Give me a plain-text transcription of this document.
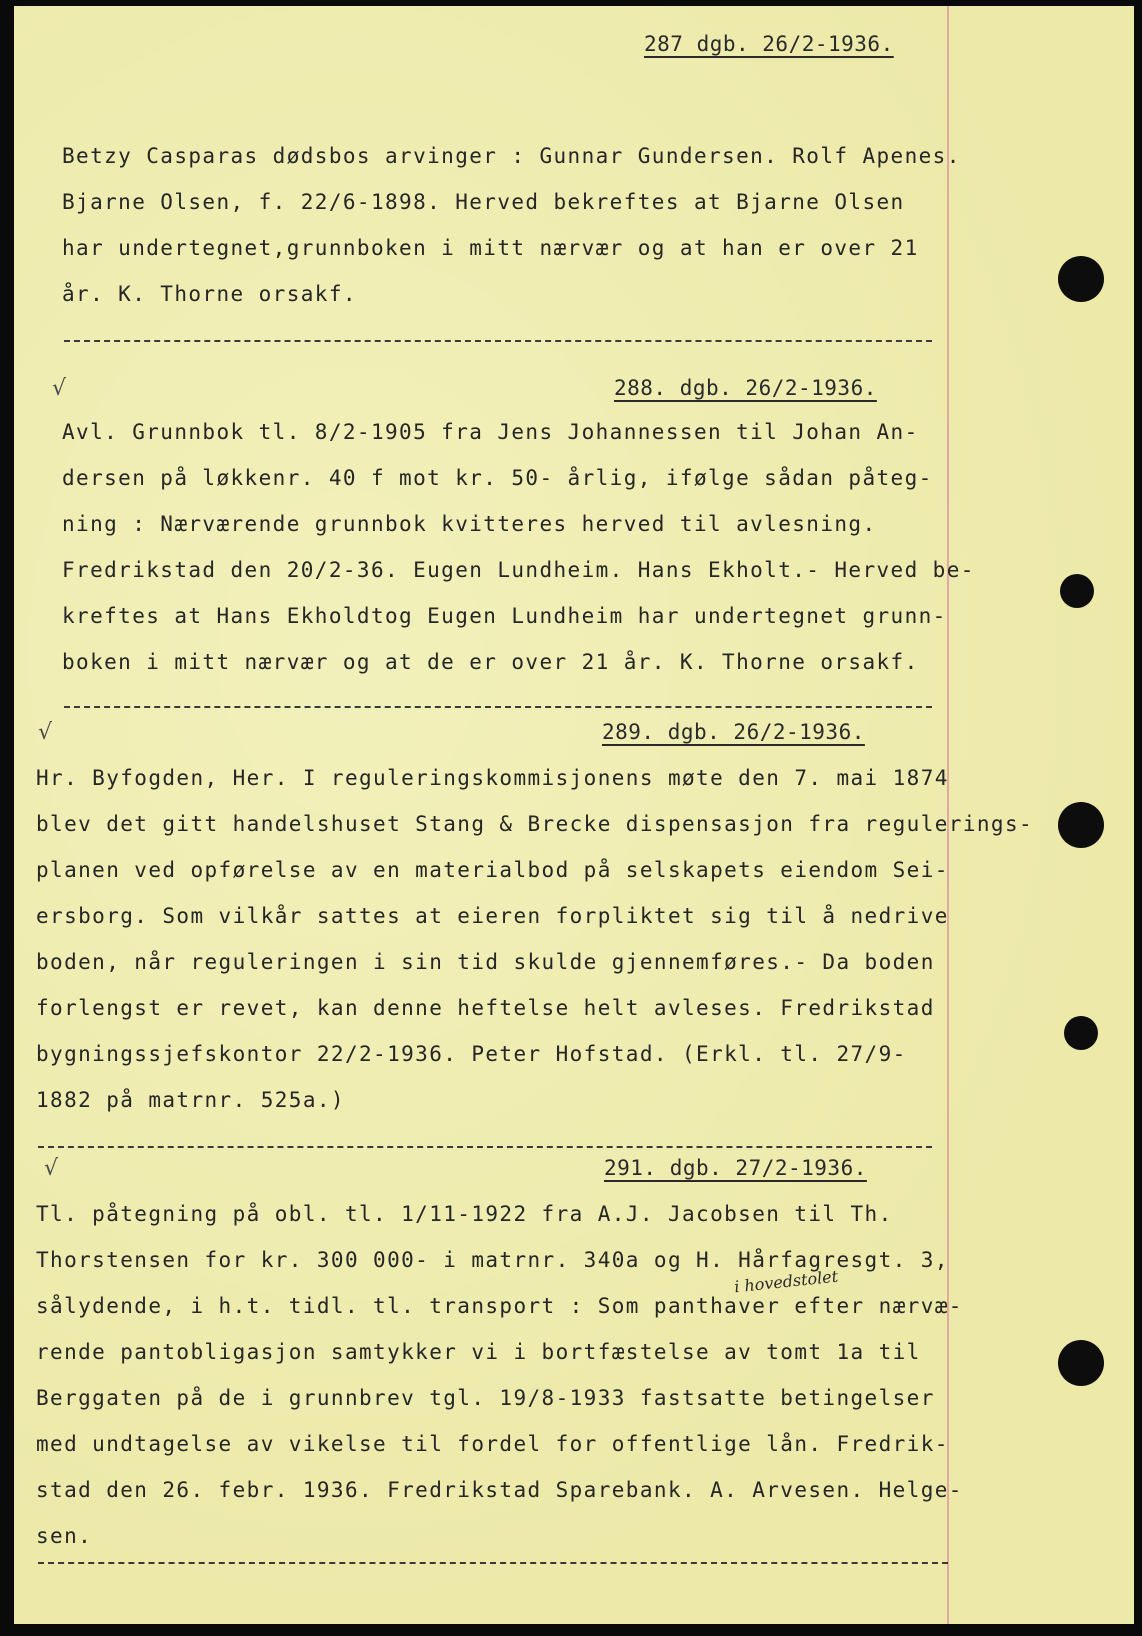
287 dgb. 26/2-1936.
Betzy Casparas dødsbos arvinger : Gunnar Gundersen. Rolf Apenes.
Bjarne Olsen, f. 22/6-1898. Herved bekreftes at Bjarne Olsen
har undertegnet,grunnboken i mitt nærvær og at han er over 21
år. K. Thorne orsakf.
√	288. dgb. 26/2-1936.
Avl. Grunnbok tl. 8/2-1905 fra Jens Johannessen til Johan An-
dersen på løkkenr. 40 f mot kr. 50- årlig, ifølge sådan påteg-
ning : Nærværende grunnbok kvitteres herved til avlesning.
Fredrikstad den 20/2-36. Eugen Lundheim. Hans Ekholt.- Herved be-
kreftes at Hans Ekholdtog Eugen Lundheim har undertegnet grunn-
boken i mitt nærvær og at de er over 21 år. K. Thorne orsakf.
√	289. dgb. 26/2-1936.
Hr. Byfogden, Her. I reguleringskommisjonens møte den 7. mai 1874
blev det gitt handelshuset Stang & Brecke dispensasjon fra regulerings-
planen ved opførelse av en materialbod på selskapets eiendom Sei-
ersborg. Som vilkår sattes at eieren forpliktet sig til å nedrive
boden, når reguleringen i sin tid skulde gjennemføres.- Da boden
forlengst er revet, kan denne heftelse helt avleses. Fredrikstad
bygningssjefskontor 22/2-1936. Peter Hofstad. (Erkl. tl. 27/9-
1882 på matrnr. 525a.)
√	291. dgb. 27/2-1936.
Tl. påtegning på obl. tl. 1/11-1922 fra A.J. Jacobsen til Th.
Thorstensen for kr. 300 000- i matrnr. 340a og H. Hårfagresgt. 3,
i hovedstolet
sålydende, i h.t. tidl. tl. transport : Som panthaver efter nærvæ-
rende pantobligasjon samtykker vi i bortfæstelse av tomt 1a til
Berggaten på de i grunnbrev tgl. 19/8-1933 fastsatte betingelser
med undtagelse av vikelse til fordel for offentlige lån. Fredrik-
stad den 26. febr. 1936. Fredrikstad Sparebank. A. Arvesen. Helge-
sen.
